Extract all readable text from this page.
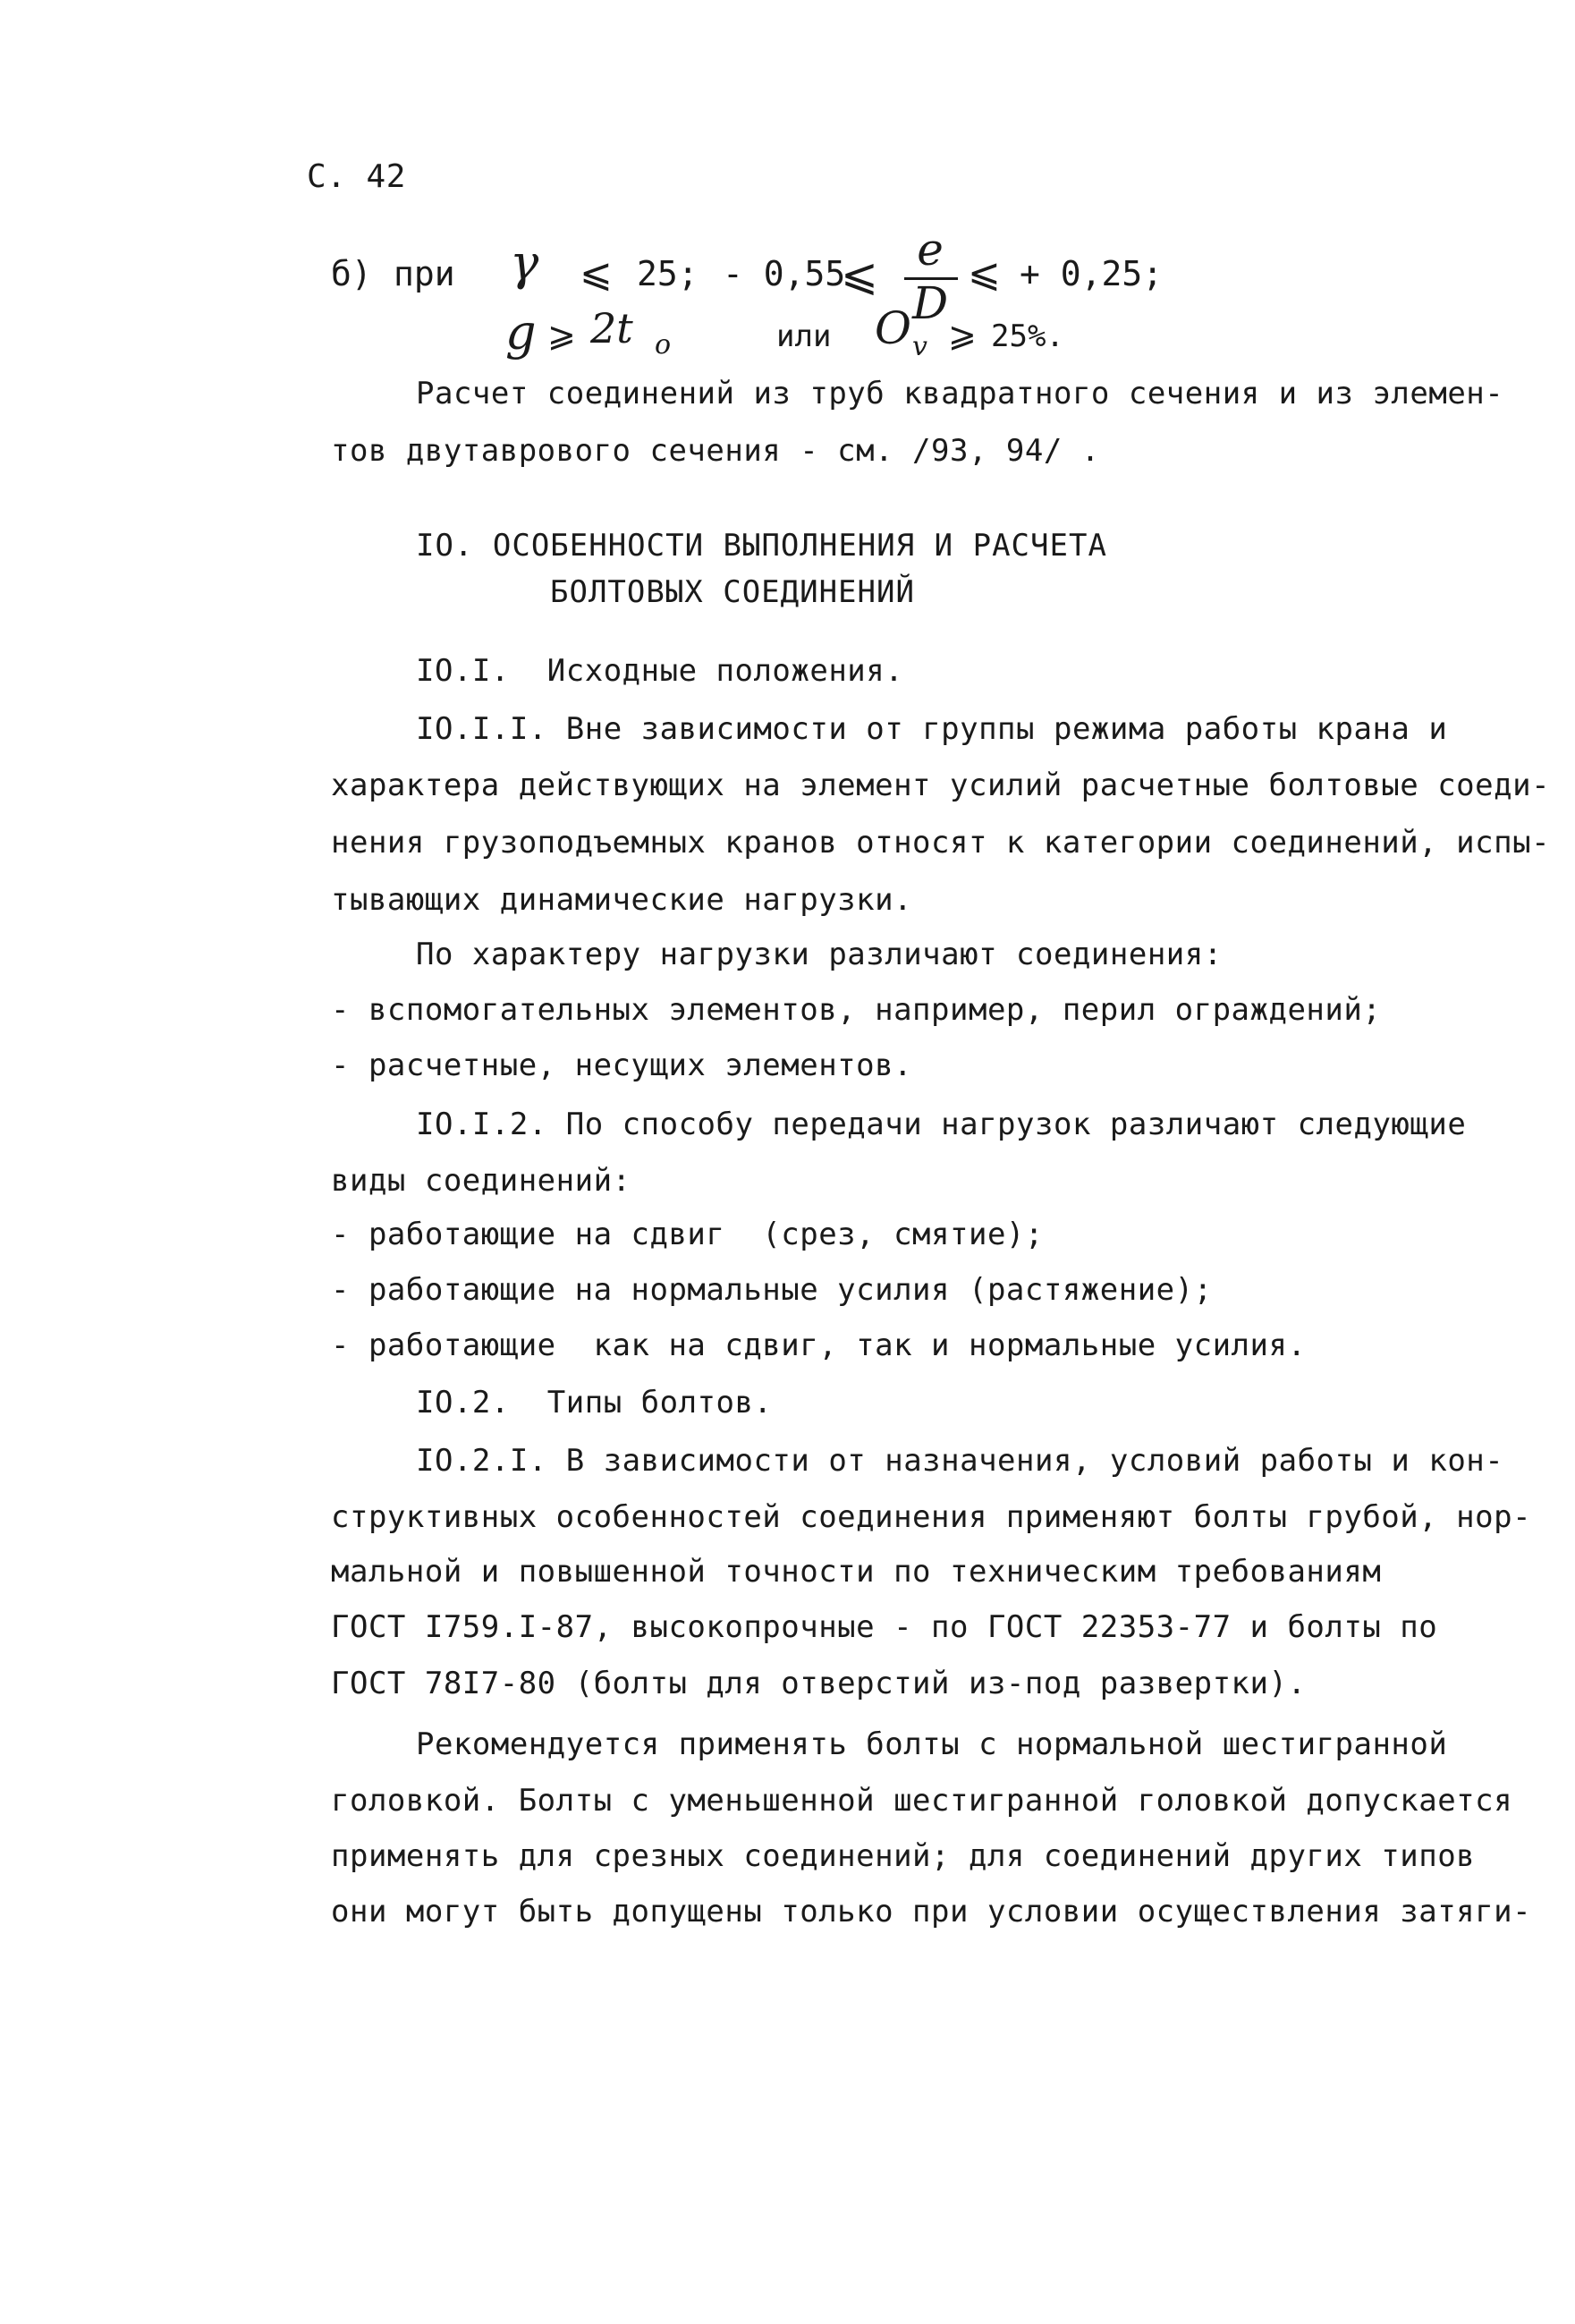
С. 42
б) при γ ⩽ 25; - 0,55
⩽ e
D
⩽ + 0,25;
g ⩾ 2t o	или O v ⩾ 25%.
Расчет соединений из труб квадратного сечения и из элемен-
тов двутаврового сечения - см. /93, 94/ .
IO. ОСОБЕННОСТИ ВЫПОЛНЕНИЯ И РАСЧЕТА
БОЛТОВЫХ СОЕДИНЕНИЙ
IO.I.  Исходные положения.
IO.I.I. Вне зависимости от группы режима работы крана и
характера действующих на элемент усилий расчетные болтовые соеди-
нения грузоподъемных кранов относят к категории соединений, испы-
тывающих динамические нагрузки.
По характеру нагрузки различают соединения:
- вспомогательных элементов, например, перил ограждений;
- расчетные, несущих элементов.
IO.I.2. По способу передачи нагрузок различают следующие
виды соединений:
- работающие на сдвиг  (срез, смятие);
- работающие на нормальные усилия (растяжение);
- работающие  как на сдвиг, так и нормальные усилия.
IO.2.  Типы болтов.
IO.2.I. В зависимости от назначения, условий работы и кон-
структивных особенностей соединения применяют болты грубой, нор-
мальной и повышенной точности по техническим требованиям
ГОСТ I759.I-87, высокопрочные - по ГОСТ 22353-77 и болты по
ГОСТ 78I7-80 (болты для отверстий из-под развертки).
Рекомендуется применять болты с нормальной шестигранной
головкой. Болты с уменьшенной шестигранной головкой допускается
применять для срезных соединений; для соединений других типов
они могут быть допущены только при условии осуществления затяги-
